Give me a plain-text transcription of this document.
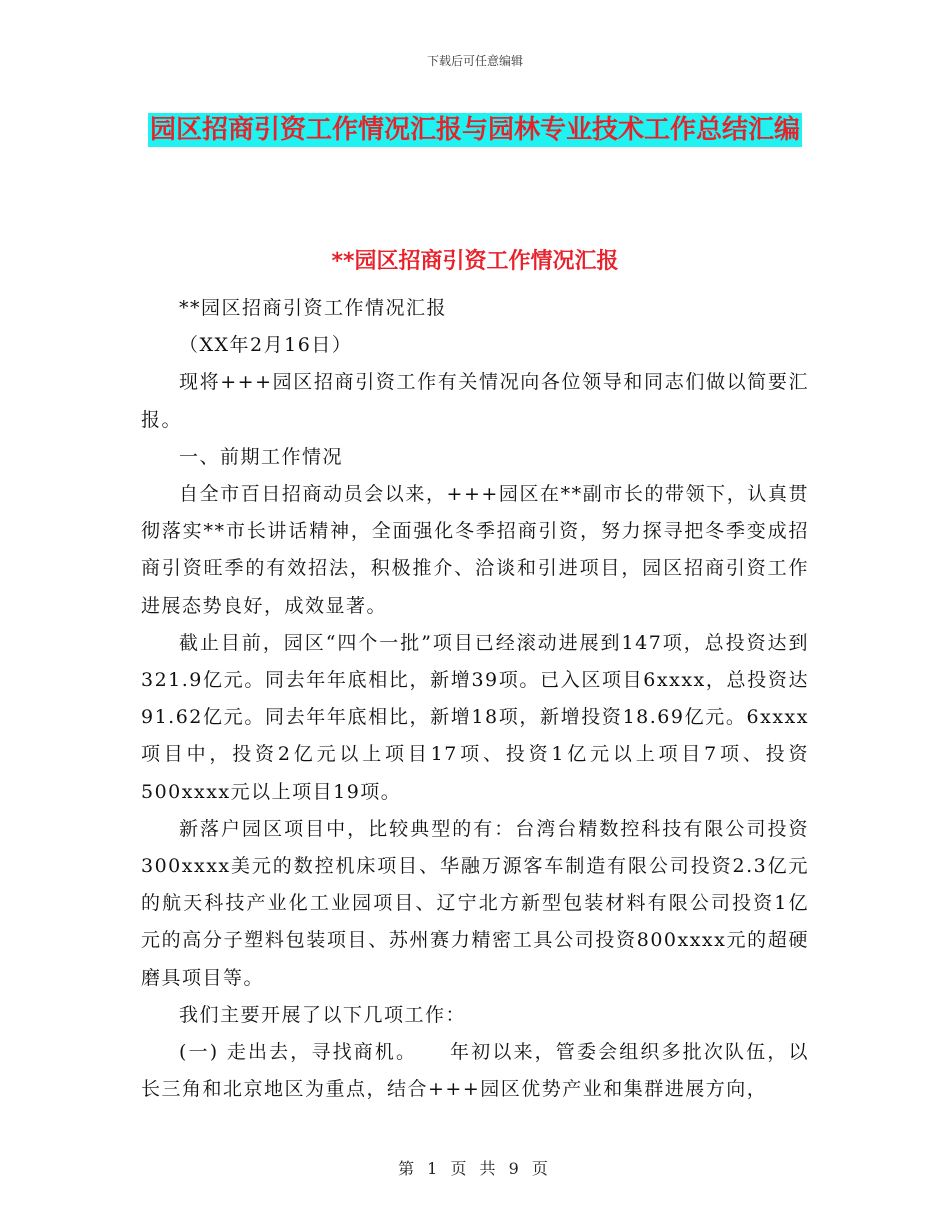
下载后可任意编辑
园区招商引资工作情况汇报与园林专业技术工作总结汇编
**园区招商引资工作情况汇报

**园区招商引资工作情况汇报

（XX年2月16日）

现将+++园区招商引资工作有关情况向各位领导和同志们做以简要汇报。

一、前期工作情况

自全市百日招商动员会以来，+++园区在**副市长的带领下，认真贯彻落实**市长讲话精神，全面强化冬季招商引资，努力探寻把冬季变成招商引资旺季的有效招法，积极推介、洽谈和引进项目，园区招商引资工作进展态势良好，成效显著。

截止目前，园区“四个一批”项目已经滚动进展到147项，总投资达到321.9亿元。同去年年底相比，新增39项。已入区项目6xxxx，总投资达91.62亿元。同去年年底相比，新增18项，新增投资18.69亿元。6xxxx项目中，投资2亿元以上项目17项、投资1亿元以上项目7项、投资500xxxx元以上项目19项。

新落户园区项目中，比较典型的有：台湾台精数控科技有限公司投资300xxxx美元的数控机床项目、华融万源客车制造有限公司投资2.3亿元的航天科技产业化工业园项目、辽宁北方新型包装材料有限公司投资1亿元的高分子塑料包装项目、苏州赛力精密工具公司投资800xxxx元的超硬磨具项目等。

我们主要开展了以下几项工作：

(一) 走出去，寻找商机。　　年初以来，管委会组织多批次队伍，以长三角和北京地区为重点，结合+++园区优势产业和集群进展方向，

第 1 页 共 9 页
